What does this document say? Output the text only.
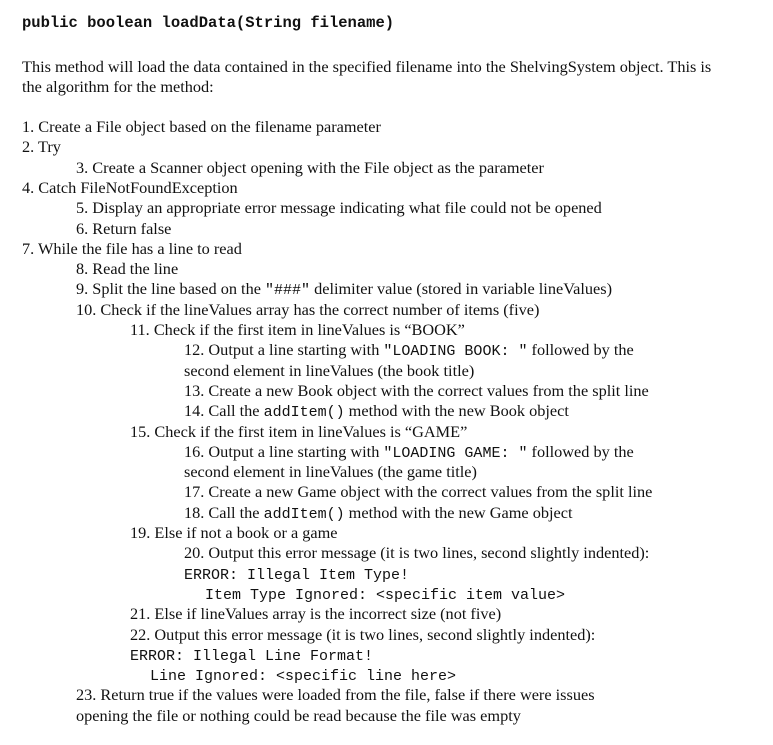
public boolean loadData(String filename)
This method will load the data contained in the specified filename into the ShelvingSystem object. This is the algorithm for the method:
1. Create a File object based on the filename parameter
2. Try
3. Create a Scanner object opening with the File object as the parameter
4. Catch FileNotFoundException
5. Display an appropriate error message indicating what file could not be opened
6. Return false
7. While the file has a line to read
8. Read the line
9. Split the line based on the "###" delimiter value (stored in variable lineValues)
10. Check if the lineValues array has the correct number of items (five)
11. Check if the first item in lineValues is “BOOK”
12. Output a line starting with "LOADING BOOK: " followed by the
second element in lineValues (the book title)
13. Create a new Book object with the correct values from the split line
14. Call the addItem() method with the new Book object
15. Check if the first item in lineValues is “GAME”
16. Output a line starting with "LOADING GAME: " followed by the
second element in lineValues (the game title)
17. Create a new Game object with the correct values from the split line
18. Call the addItem() method with the new Game object
19. Else if not a book or a game
20. Output this error message (it is two lines, second slightly indented):
ERROR: Illegal Item Type!
Item Type Ignored: <specific item value>
21. Else if lineValues array is the incorrect size (not five)
22. Output this error message (it is two lines, second slightly indented):
ERROR: Illegal Line Format!
Line Ignored: <specific line here>
23. Return true if the values were loaded from the file, false if there were issues
opening the file or nothing could be read because the file was empty
